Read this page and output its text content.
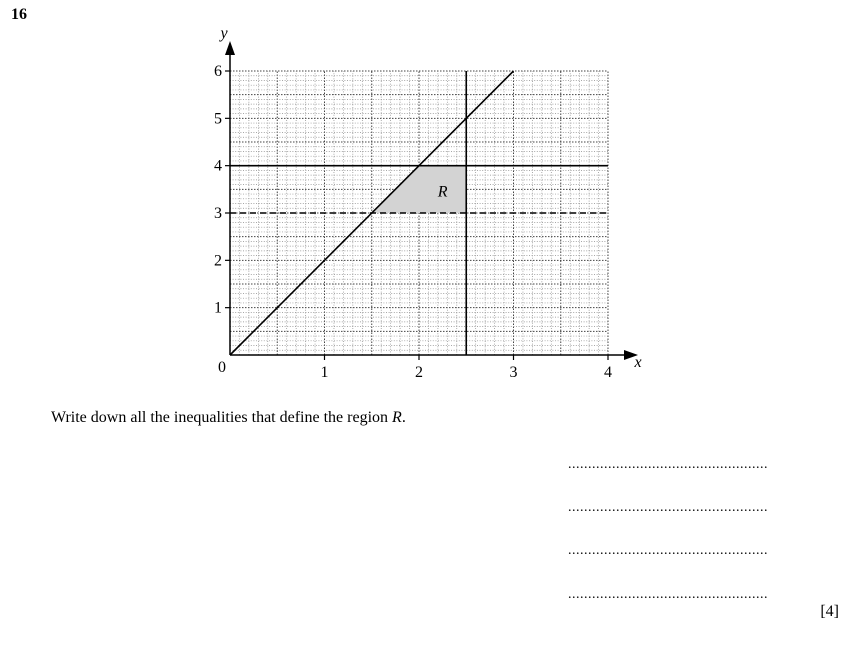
16
1
2
3
4
5
6
1	2	3	4
0	x
y
R
Write down all the inequalities that define the region R.
..................................................
..................................................
..................................................
..................................................
[4]
